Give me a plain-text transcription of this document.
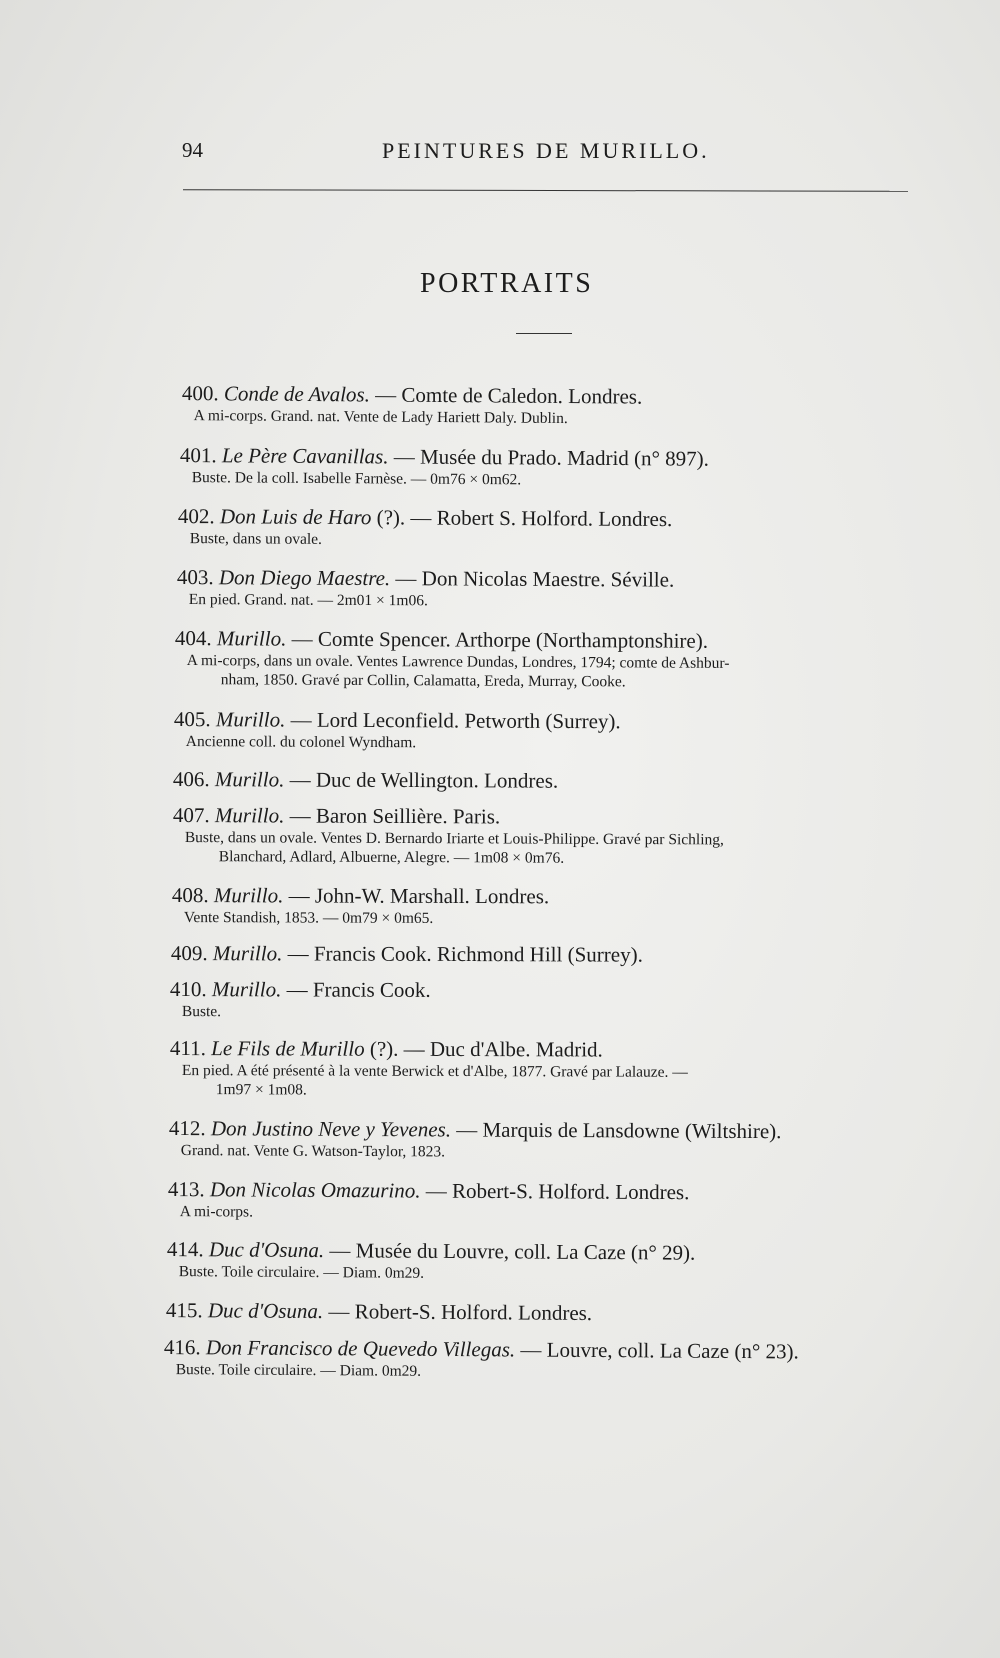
94	PEINTURES DE MURILLO.
PORTRAITS
400. Conde de Avalos. — Comte de Caledon. Londres.
A mi-corps. Grand. nat. Vente de Lady Hariett Daly. Dublin.
401. Le Père Cavanillas. — Musée du Prado. Madrid (n° 897).
Buste. De la coll. Isabelle Farnèse. — 0m76 × 0m62.
402. Don Luis de Haro (?). — Robert S. Holford. Londres.
Buste, dans un ovale.
403. Don Diego Maestre. — Don Nicolas Maestre. Séville.
En pied. Grand. nat. — 2m01 × 1m06.
404. Murillo. — Comte Spencer. Arthorpe (Northamptonshire).
A mi-corps, dans un ovale. Ventes Lawrence Dundas, Londres, 1794; comte de Ashbur-
nham, 1850. Gravé par Collin, Calamatta, Ereda, Murray, Cooke.
405. Murillo. — Lord Leconfield. Petworth (Surrey).
Ancienne coll. du colonel Wyndham.
406. Murillo. — Duc de Wellington. Londres.
407. Murillo. — Baron Seillière. Paris.
Buste, dans un ovale. Ventes D. Bernardo Iriarte et Louis-Philippe. Gravé par Sichling,
Blanchard, Adlard, Albuerne, Alegre. — 1m08 × 0m76.
408. Murillo. — John-W. Marshall. Londres.
Vente Standish, 1853. — 0m79 × 0m65.
409. Murillo. — Francis Cook. Richmond Hill (Surrey).
410. Murillo. — Francis Cook.
Buste.
411. Le Fils de Murillo (?). — Duc d'Albe. Madrid.
En pied. A été présenté à la vente Berwick et d'Albe, 1877. Gravé par Lalauze. —
1m97 × 1m08.
412. Don Justino Neve y Yevenes. — Marquis de Lansdowne (Wiltshire).
Grand. nat. Vente G. Watson-Taylor, 1823.
413. Don Nicolas Omazurino. — Robert-S. Holford. Londres.
A mi-corps.
414. Duc d'Osuna. — Musée du Louvre, coll. La Caze (n° 29).
Buste. Toile circulaire. — Diam. 0m29.
415. Duc d'Osuna. — Robert-S. Holford. Londres.
416. Don Francisco de Quevedo Villegas. — Louvre, coll. La Caze (n° 23).
Buste. Toile circulaire. — Diam. 0m29.
